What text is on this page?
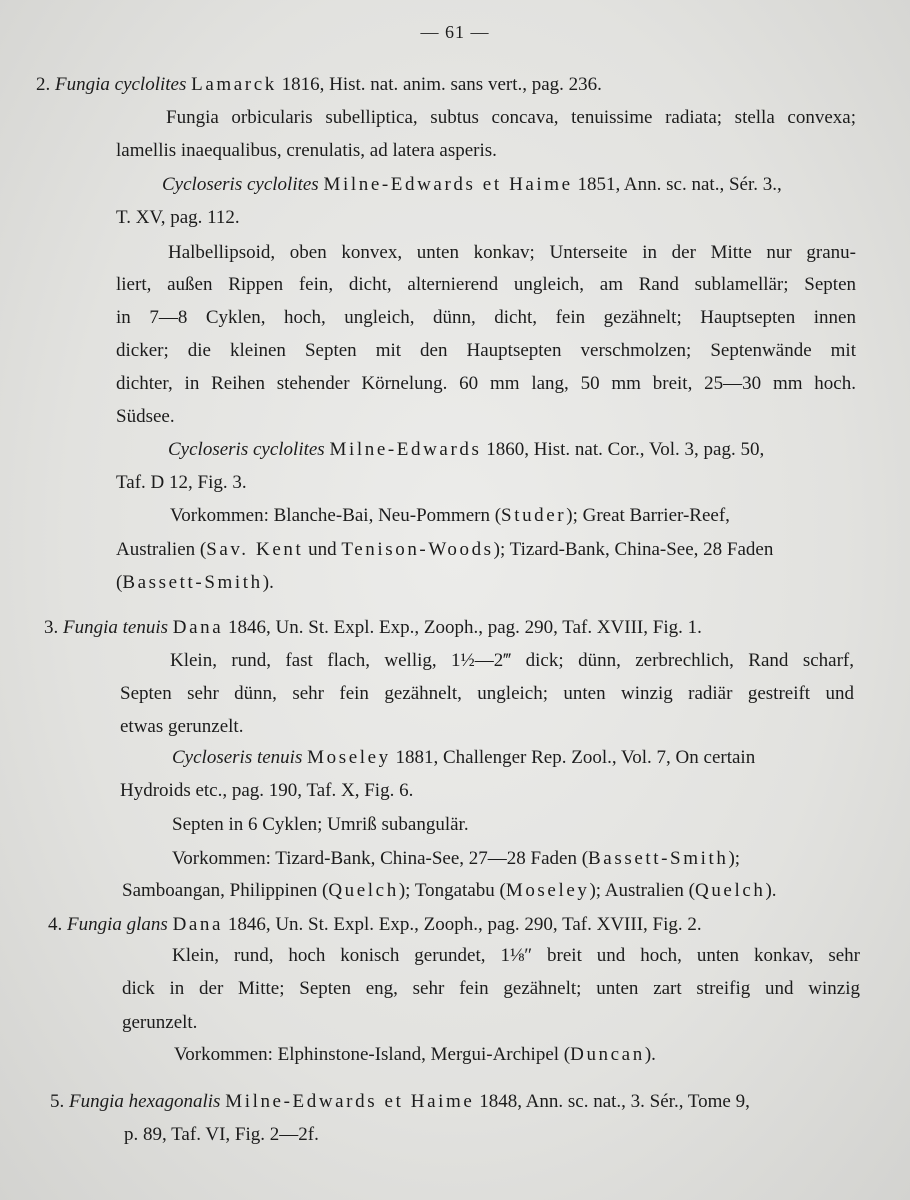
— 61 —
2. Fungia cyclolites Lamarck 1816, Hist. nat. anim. sans vert., pag. 236.
Fungia orbicularis subelliptica, subtus concava, tenuissime radiata; stella convexa;
lamellis inaequalibus, crenulatis, ad latera asperis.
Cycloseris cyclolites Milne-Edwards et Haime 1851, Ann. sc. nat., Sér. 3.,
T. XV, pag. 112.
Halbellipsoid, oben konvex, unten konkav; Unterseite in der Mitte nur granu-
liert, außen Rippen fein, dicht, alternierend ungleich, am Rand sublamellär; Septen
in 7—8 Cyklen, hoch, ungleich, dünn, dicht, fein gezähnelt; Hauptsepten innen
dicker; die kleinen Septen mit den Hauptsepten verschmolzen; Septenwände mit
dichter, in Reihen stehender Körnelung. 60 mm lang, 50 mm breit, 25—30 mm hoch.
Südsee.
Cycloseris cyclolites Milne-Edwards 1860, Hist. nat. Cor., Vol. 3, pag. 50,
Taf. D 12, Fig. 3.
Vorkommen: Blanche-Bai, Neu-Pommern (Studer); Great Barrier-Reef,
Australien (Sav. Kent und Tenison-Woods); Tizard-Bank, China-See, 28 Faden
(Bassett-Smith).
3. Fungia tenuis Dana 1846, Un. St. Expl. Exp., Zooph., pag. 290, Taf. XVIII, Fig. 1.
Klein, rund, fast flach, wellig, 1½—2‴ dick; dünn, zerbrechlich, Rand scharf,
Septen sehr dünn, sehr fein gezähnelt, ungleich; unten winzig radiär gestreift und
etwas gerunzelt.
Cycloseris tenuis Moseley 1881, Challenger Rep. Zool., Vol. 7, On certain
Hydroids etc., pag. 190, Taf. X, Fig. 6.
Septen in 6 Cyklen; Umriß subangulär.
Vorkommen: Tizard-Bank, China-See, 27—28 Faden (Bassett-Smith);
Samboangan, Philippinen (Quelch); Tongatabu (Moseley); Australien (Quelch).
4. Fungia glans Dana 1846, Un. St. Expl. Exp., Zooph., pag. 290, Taf. XVIII, Fig. 2.
Klein, rund, hoch konisch gerundet, 1⅛″ breit und hoch, unten konkav, sehr
dick in der Mitte; Septen eng, sehr fein gezähnelt; unten zart streifig und winzig
gerunzelt.
Vorkommen: Elphinstone-Island, Mergui-Archipel (Duncan).
5. Fungia hexagonalis Milne-Edwards et Haime 1848, Ann. sc. nat., 3. Sér., Tome 9,
p. 89, Taf. VI, Fig. 2—2f.
